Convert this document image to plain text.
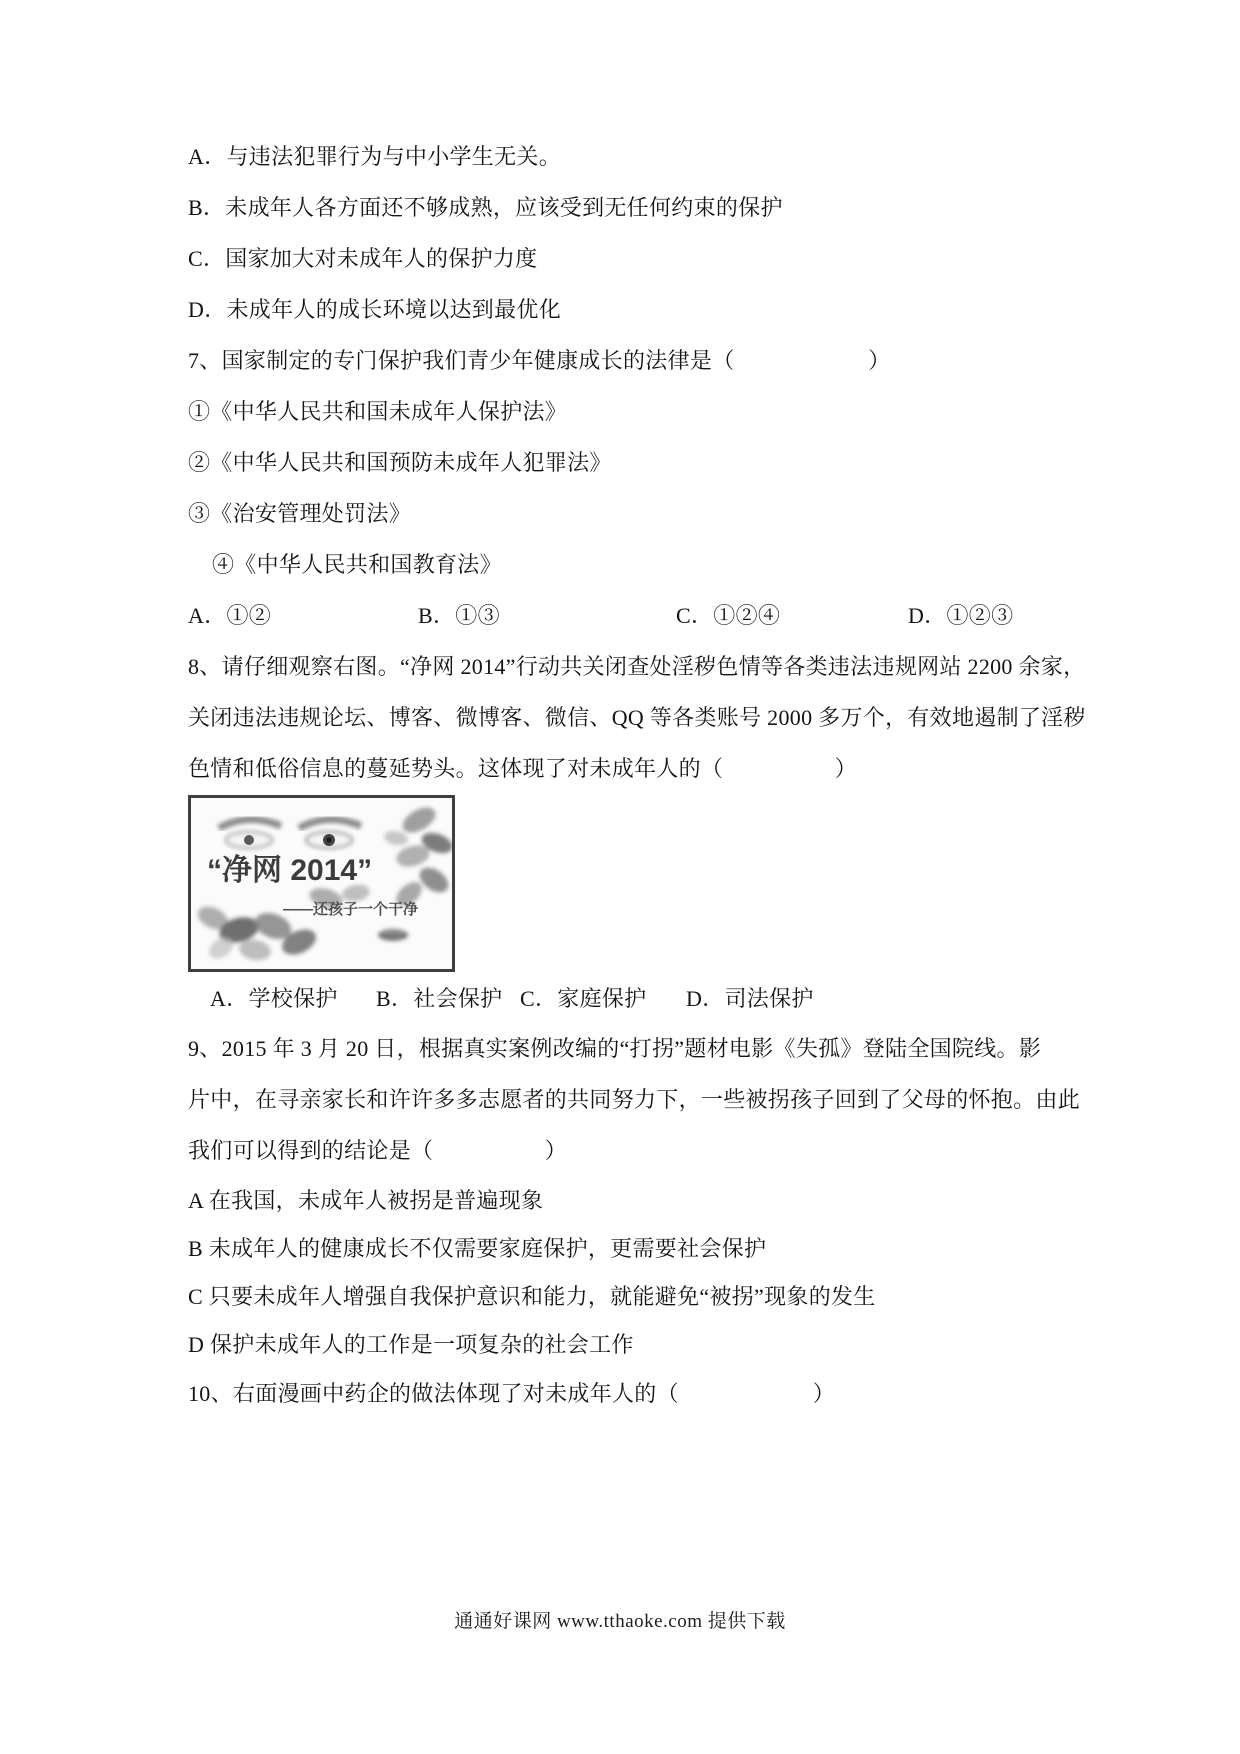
A．与违法犯罪行为与中小学生无关。
B．未成年人各方面还不够成熟，应该受到无任何约束的保护
C．国家加大对未成年人的保护力度
D．未成年人的成长环境以达到最优化
7、国家制定的专门保护我们青少年健康成长的法律是（　　　　　　）
①《中华人民共和国未成年人保护法》
②《中华人民共和国预防未成年人犯罪法》
③《治安管理处罚法》
④《中华人民共和国教育法》
A．①②	B．①③	C．①②④	D．①②③
8、请仔细观察右图。“净网 2014”行动共关闭查处淫秽色情等各类违法违规网站 2200 余家，
关闭违法违规论坛、博客、微博客、微信、QQ 等各类账号 2000 多万个，有效地遏制了淫秽
色情和低俗信息的蔓延势头。这体现了对未成年人的（　　　　　）
“净网 2014”
——还孩子一个干净
A．学校保护 B．社会保护 C．家庭保护 D．司法保护
9、2015 年 3 月 20 日，根据真实案例改编的“打拐”题材电影《失孤》登陆全国院线。影
片中，在寻亲家长和许许多多志愿者的共同努力下，一些被拐孩子回到了父母的怀抱。由此
我们可以得到的结论是（　　　　　）
A 在我国，未成年人被拐是普遍现象
B 未成年人的健康成长不仅需要家庭保护，更需要社会保护
C 只要未成年人增强自我保护意识和能力，就能避免“被拐”现象的发生
D 保护未成年人的工作是一项复杂的社会工作
10、右面漫画中药企的做法体现了对未成年人的（　　　　　　）
通通好课网 www.tthaoke.com 提供下载
